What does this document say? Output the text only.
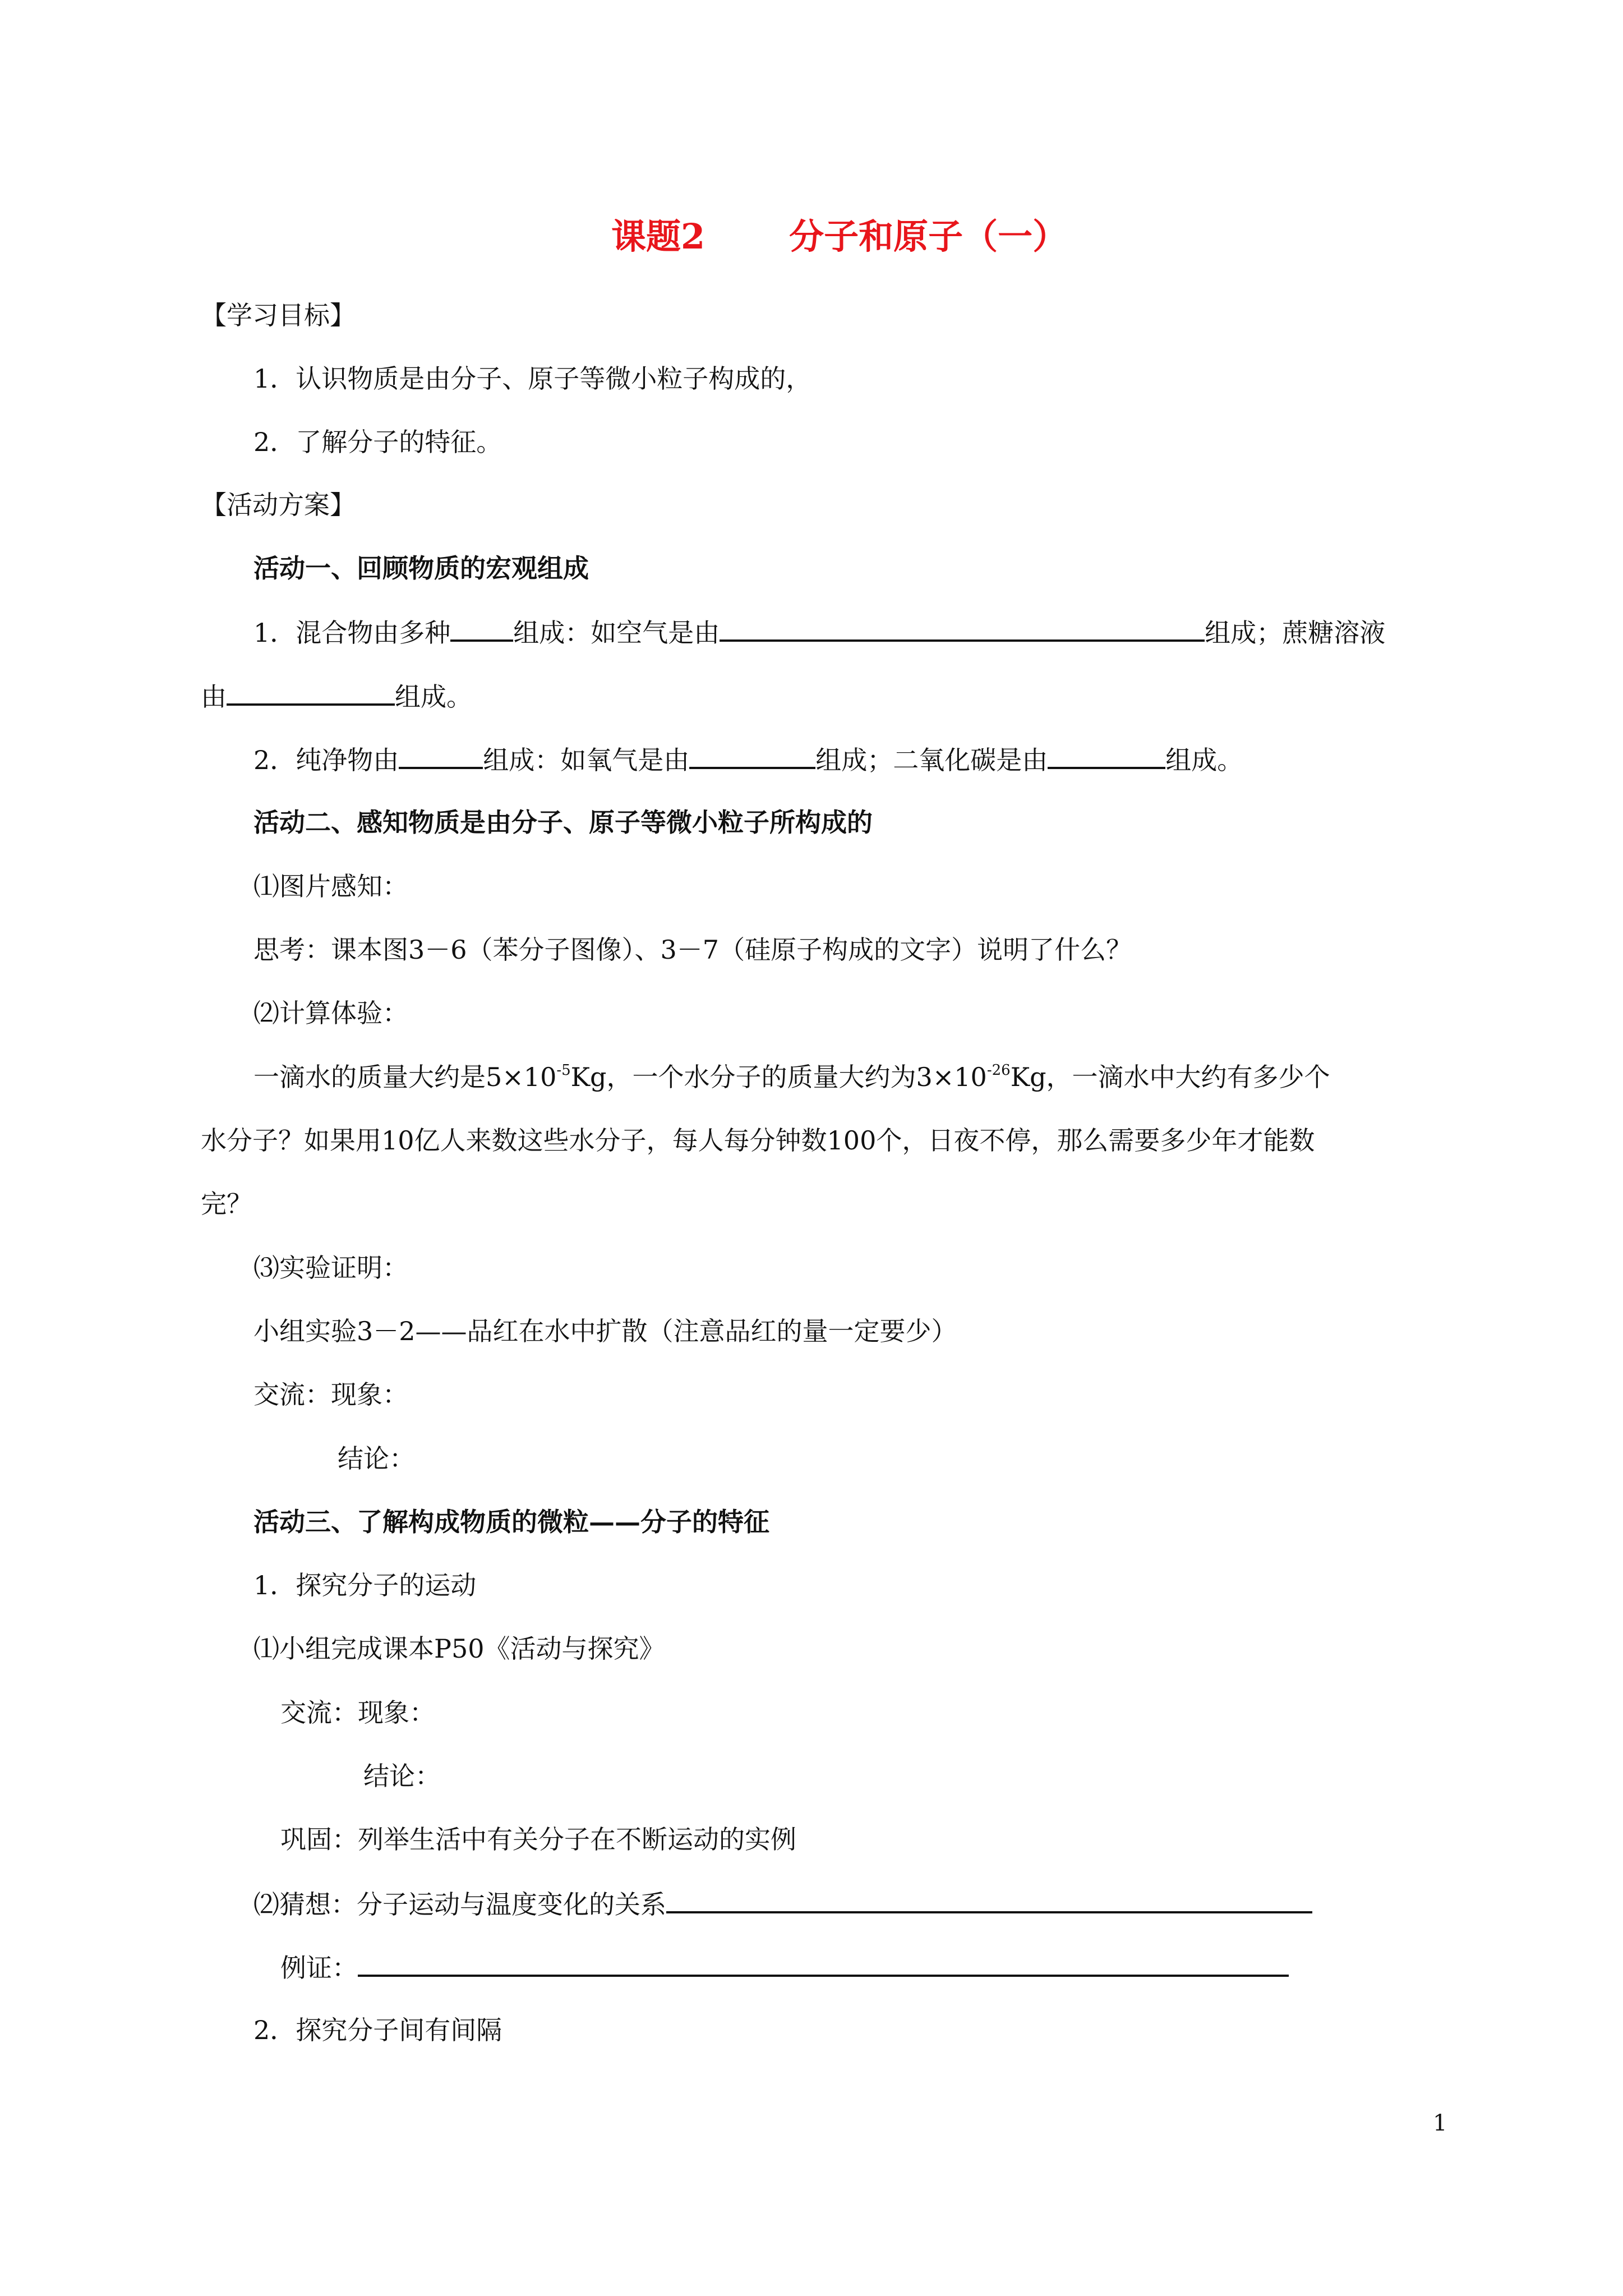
课题2 分子和原子（一）
【学习目标】
1．认识物质是由分子、原子等微小粒子构成的，
2．了解分子的特征。
【活动方案】
活动一、回顾物质的宏观组成
1．混合物由多种 组成：如空气是由	组成；蔗糖溶液
由	组成。
2．纯净物由	组成：如氧气是由	组成；二氧化碳是由	组成。
活动二、感知物质是由分子、原子等微小粒子所构成的
⑴图片感知：
思考：课本图3－6（苯分子图像）、3－7（硅原子构成的文字）说明了什么？
⑵计算体验：
一滴水的质量大约是$5\times 10^{-5}Kg$，一个水分子的质量大约为$3\times 10^{-26}Kg$，一滴水中大约有多少个
水分子？如果用10亿人来数这些水分子，每人每分钟数100个，日夜不停，那么需要多少年才能数
完？
⑶实验证明：
小组实验3－2——品红在水中扩散（注意品红的量一定要少）
交流：现象：
结论：
活动三、了解构成物质的微粒——分子的特征
1．探究分子的运动
⑴小组完成课本P50《活动与探究》
交流：现象：
结论：
巩固：列举生活中有关分子在不断运动的实例
⑵猜想：分子运动与温度变化的关系
例证：
2．探究分子间有间隔
1
